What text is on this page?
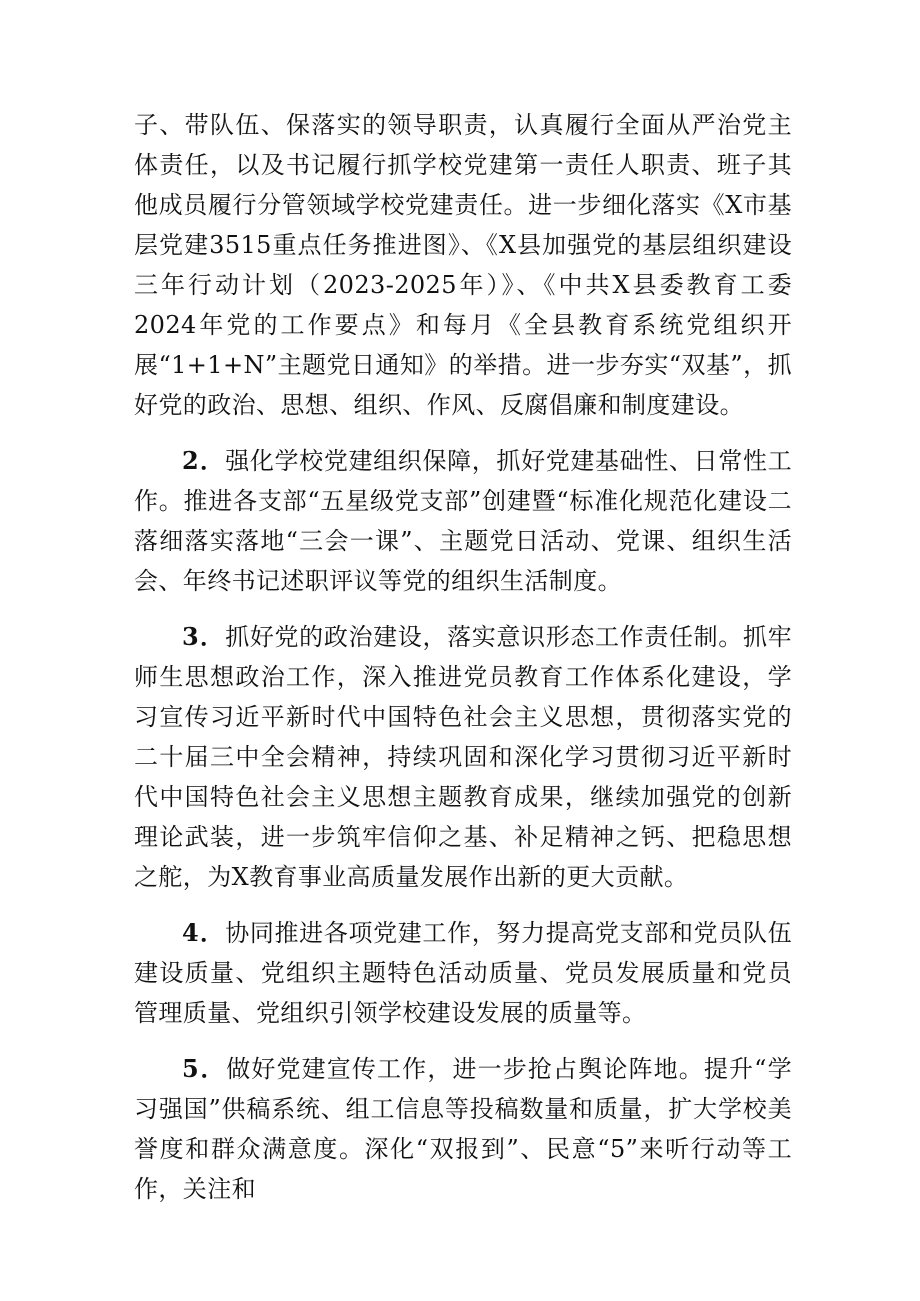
子、带队伍、保落实的领导职责，认真履行全面从严治党主体责任，以及书记履行抓学校党建第一责任人职责、班子其他成员履行分管领域学校党建责任。进一步细化落实《X市基层党建3515重点任务推进图》、《X县加强党的基层组织建设三年行动计划（2023-2025年）》、《中共X县委教育工委2024年党的工作要点》和每月《全县教育系统党组织开展“1+1+N”主题党日通知》的举措。进一步夯实“双基”，抓好党的政治、思想、组织、作风、反腐倡廉和制度建设。

2．强化学校党建组织保障，抓好党建基础性、日常性工作。推进各支部“五星级党支部”创建暨“标准化规范化建设二落细落实落地“三会一课”、主题党日活动、党课、组织生活会、年终书记述职评议等党的组织生活制度。

3．抓好党的政治建设，落实意识形态工作责任制。抓牢师生思想政治工作，深入推进党员教育工作体系化建设，学习宣传习近平新时代中国特色社会主义思想，贯彻落实党的二十届三中全会精神，持续巩固和深化学习贯彻习近平新时代中国特色社会主义思想主题教育成果，继续加强党的创新理论武装，进一步筑牢信仰之基、补足精神之钙、把稳思想之舵，为X教育事业高质量发展作出新的更大贡献。

4．协同推进各项党建工作，努力提高党支部和党员队伍建设质量、党组织主题特色活动质量、党员发展质量和党员管理质量、党组织引领学校建设发展的质量等。

5．做好党建宣传工作，进一步抢占舆论阵地。提升“学习强国”供稿系统、组工信息等投稿数量和质量，扩大学校美誉度和群众满意度。深化“双报到”、民意“5”来听行动等工作，关注和
